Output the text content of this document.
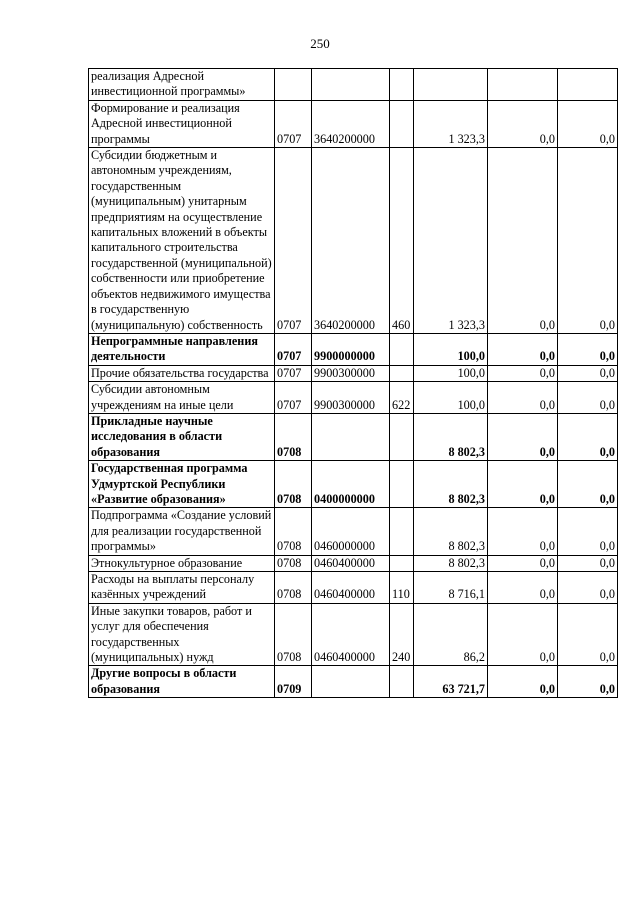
250
реализация Адресной инвестиционной программы»						
Формирование и реализация Адресной инвестиционной программы	0707	3640200000		1 323,3	0,0	0,0
Субсидии бюджетным и автономным учреждениям, государственным (муниципальным) унитарным предприятиям на осуществление капитальных вложений в объекты капитального строительства государственной (муниципальной) собственности или приобретение объектов недвижимого имущества в государственную (муниципальную) собственность	0707	3640200000	460	1 323,3	0,0	0,0
Непрограммные направления деятельности	0707	9900000000		100,0	0,0	0,0
Прочие обязательства государства	0707	9900300000		100,0	0,0	0,0
Субсидии автономным учреждениям на иные цели	0707	9900300000	622	100,0	0,0	0,0
Прикладные научные исследования в области образования	0708			8 802,3	0,0	0,0
Государственная программа Удмуртской Республики «Развитие образования»	0708	0400000000		8 802,3	0,0	0,0
Подпрограмма «Создание условий для реализации государственной программы»	0708	0460000000		8 802,3	0,0	0,0
Этнокультурное образование	0708	0460400000		8 802,3	0,0	0,0
Расходы на выплаты персоналу казённых учреждений	0708	0460400000	110	8 716,1	0,0	0,0
Иные закупки товаров, работ и услуг для обеспечения государственных (муниципальных) нужд	0708	0460400000	240	86,2	0,0	0,0
Другие вопросы в области образования	0709			63 721,7	0,0	0,0
